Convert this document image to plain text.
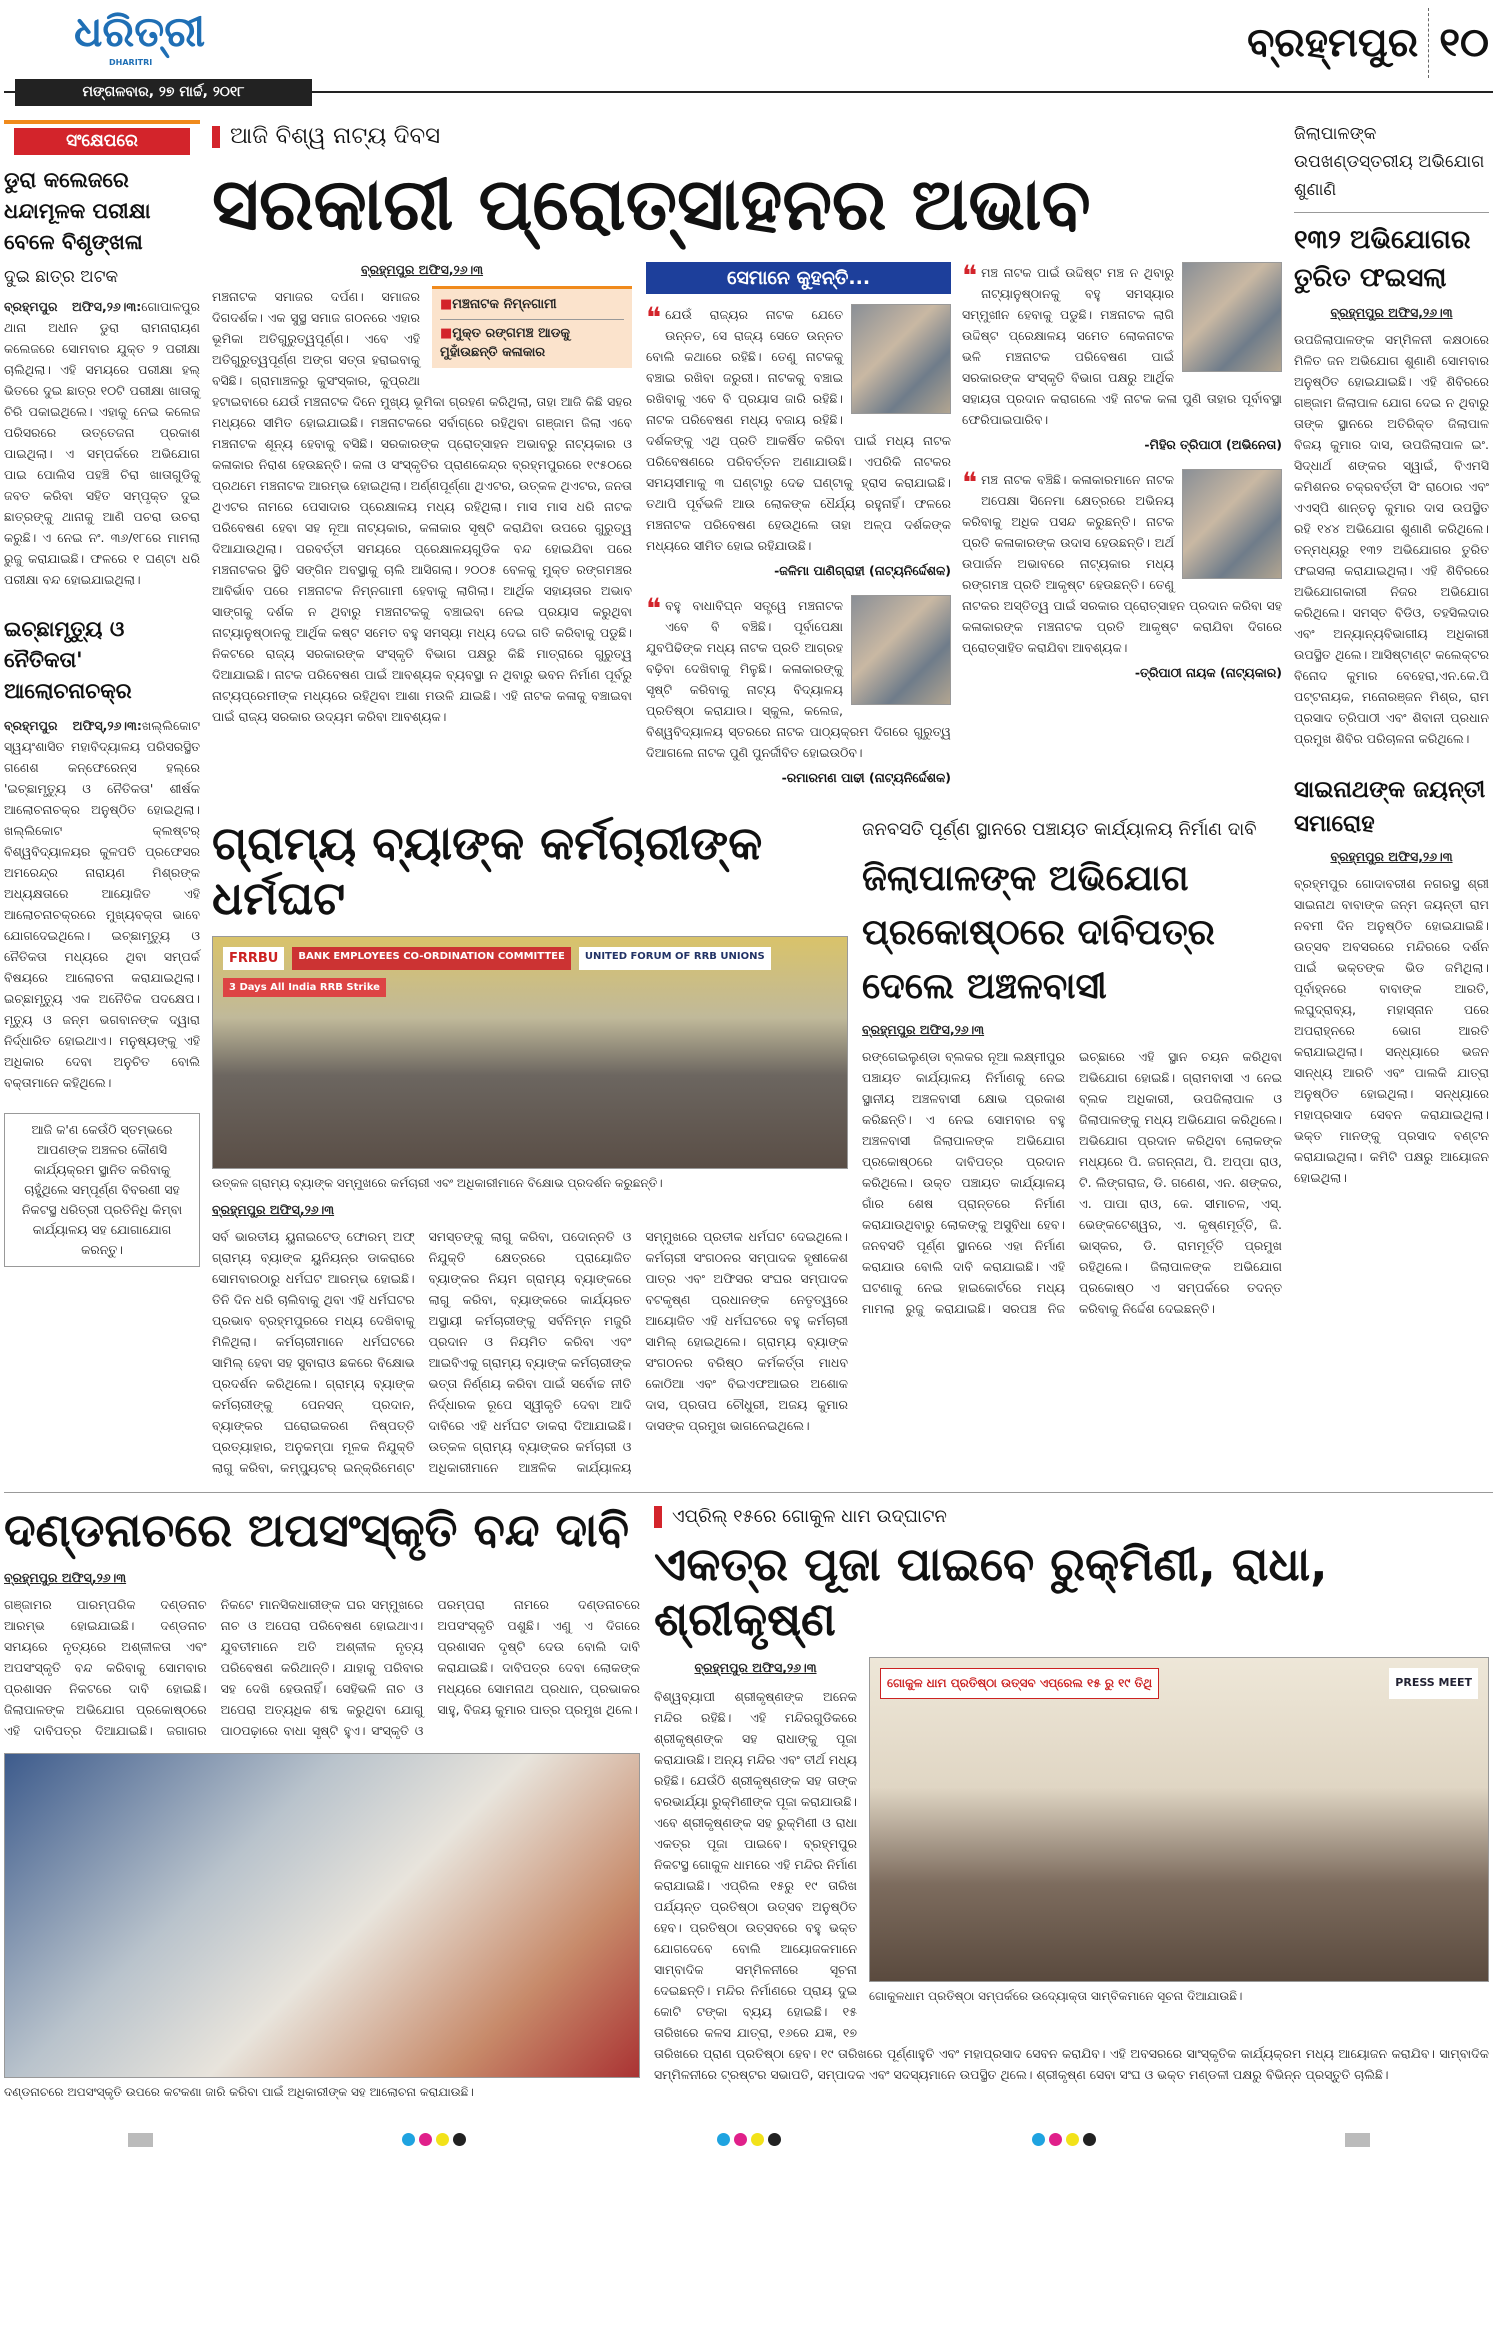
ଧରିତ୍ରୀ
DHARITRI
ମଙ୍ଗଳବାର, ୨୭ ମାର୍ଚ୍ଚ, ୨୦୧୮
ବ୍ରହ୍ମପୁର ୧୦
ସଂକ୍ଷେପରେ
ଡୁରା କଲେଜରେ ଧନ୍ଦାମୂଳକ ପରୀକ୍ଷା ବେଳେ ବିଶୃଙ୍ଖଳା
ଦୁଇ ଛାତ୍ର ଅଟକ
ବ୍ରହ୍ମପୁର ଅଫିସ,୨୬।୩:ଗୋପାଳପୁର ଥାନା ଅଧୀନ ଡୁରା ରାମନାରାୟଣ କଲେଜରେ ସୋମବାର ଯୁକ୍ତ ୨ ପରୀକ୍ଷା ଚାଲିଥିଲା। ଏହି ସମୟରେ ପରୀକ୍ଷା ହଲ୍ ଭିତରେ ଦୁଇ ଛାତ୍ର ୧୦ଟି ପରୀକ୍ଷା ଖାତାକୁ ଚିରି ପକାଇଥିଲେ। ଏହାକୁ ନେଇ କଲେଜ ପରିସରରେ ଉତ୍ତେଜନା ପ୍ରକାଶ ପାଇଥିଲା। ଏ ସମ୍ପର୍କରେ ଅଭିଯୋଗ ପାଇ ପୋଲିସ ପହଞ୍ଚି ଚିରା ଖାତାଗୁଡିକୁ ଜବତ କରିବା ସହିତ ସମ୍ପୃକ୍ତ ଦୁଇ ଛାତ୍ରଙ୍କୁ ଥାନାକୁ ଆଣି ପଚରା ଉଚରା କରୁଛି। ଏ ନେଇ ନଂ. ୩୬/୧୮ରେ ମାମଲା ରୁଜୁ କରାଯାଇଛି। ଫଳରେ ୧ ଘଣ୍ଟା ଧରି ପରୀକ୍ଷା ବନ୍ଦ ହୋଇଯାଇଥିଲା।
ଇଚ୍ଛାମୃତ୍ୟୁ ଓ ନୈତିକତା' ଆଲୋଚନାଚକ୍ର
ବ୍ରହ୍ମପୁର ଅଫିସ୍,୨୬।୩:ଖଲ୍ଲିକୋଟ ସ୍ୱୟଂଶାସିତ ମହାବିଦ୍ୟାଳୟ ପରିସରସ୍ଥିତ ଗଣେଶ କନ୍ଫେରେନ୍ସ ହଲ୍‌ରେ 'ଇଚ୍ଛାମୃତ୍ୟୁ ଓ ନୈତିକତା' ଶୀର୍ଷକ ଆଲୋଚନାଚକ୍ର ଅନୁଷ୍ଠିତ ହୋଇଥିଲା। ଖଲ୍ଲିକୋଟ କ୍ଲଷ୍ଟର୍ ବିଶ୍ୱବିଦ୍ୟାଳୟର କୁଳପତି ପ୍ରଫେସର ଅମରେନ୍ଦ୍ର ନାରାୟଣ ମିଶ୍ରଙ୍କ ଅଧ୍ୟକ୍ଷତାରେ ଆୟୋଜିତ ଏହି ଆଲୋଚନାଚକ୍ରରେ ମୁଖ୍ୟବକ୍ତା ଭାବେ ଯୋଗଦେଇଥିଲେ। ଇଚ୍ଛାମୃତ୍ୟୁ ଓ ନୈତିକତା ମଧ୍ୟରେ ଥିବା ସମ୍ପର୍କ ବିଷୟରେ ଆଲୋଚନା କରାଯାଇଥିଲା। ଇଚ୍ଛାମୃତ୍ୟୁ ଏକ ଅନୈତିକ ପଦକ୍ଷେପ। ମୃତ୍ୟୁ ଓ ଜନ୍ମ ଭଗବାନଙ୍କ ଦ୍ୱାରା ନିର୍ଦ୍ଧାରିତ ହୋଇଥାଏ। ମନୁଷ୍ୟଙ୍କୁ ଏହି ଅଧିକାର ଦେବା ଅନୁଚିତ ବୋଲି ବକ୍ତାମାନେ କହିଥିଲେ।
ଆଜି କ'ଣ କେଉଁଠି ସ୍ତମ୍ଭରେ ଆପଣଙ୍କ ଅଞ୍ଚଳର କୌଣସି କାର୍ଯ୍ୟକ୍ରମ ସ୍ଥାନିତ କରିବାକୁ ଚାହୁଁଥିଲେ ସମ୍ପୂର୍ଣ୍ଣ ବିବରଣୀ ସହ ନିକଟସ୍ଥ ଧରିତ୍ରୀ ପ୍ରତିନିଧି କିମ୍ବା କାର୍ଯ୍ୟାଳୟ ସହ ଯୋଗାଯୋଗ କରନ୍ତୁ।
ଆଜି ବିଶ୍ୱ ନାଟ୍ୟ ଦିବସ
ସରକାରୀ ପ୍ରୋତ୍ସାହନର ଅଭାବ
ବ୍ରହ୍ମପୁର ଅଫିସ,୨୬।୩
■ମଞ୍ଚନାଟକ ନିମ୍ନଗାମୀ
■ମୁକ୍ତ ରଙ୍ଗମଞ୍ଚ ଆଡକୁ ମୁହାଁଉଛନ୍ତି କଳାକାର
ମଞ୍ଚନାଟକ ସମାଜର ଦର୍ପଣ। ସମାଜର ଦିଗଦର୍ଶକ। ଏକ ସୁସ୍ଥ ସମାଜ ଗଠନରେ ଏହାର ଭୂମିକା ଅତିଗୁରୁତ୍ୱପୂର୍ଣ୍ଣ। ଏବେ ଏହି ଅତିଗୁରୁତ୍ୱପୂର୍ଣ୍ଣ ଅଙ୍ଗ ସତ୍ତା ହରାଇବାକୁ ବସିଛି। ଗ୍ରାମାଞ୍ଚଳରୁ କୁସଂସ୍କାର, କୁପ୍ରଥା ହଟାଇବାରେ ଯେଉଁ ମଞ୍ଚନାଟକ ଦିନେ ମୁଖ୍ୟ ଭୂମିକା ଗ୍ରହଣ କରିଥିଲା, ତାହା ଆଜି କିଛି ସହର ମଧ୍ୟରେ ସୀମିତ ହୋଇଯାଇଛି। ମଞ୍ଚନାଟକରେ ସର୍ବାଗ୍ରେ ରହିଥିବା ଗଞ୍ଜାମ ଜିଲା ଏବେ ମଞ୍ଚନାଟକ ଶୂନ୍ୟ ହେବାକୁ ବସିଛି। ସରକାରଙ୍କ ପ୍ରୋତ୍ସାହନ ଅଭାବରୁ ନାଟ୍ୟକାର ଓ କଳାକାର ନିରାଶ ହେଉଛନ୍ତି। କଳା ଓ ସଂସ୍କୃତିର ପ୍ରାଣକେନ୍ଦ୍ର ବ୍ରହ୍ମପୁରରେ ୧୯୫୦ରେ ପ୍ରଥମେ ମଞ୍ଚନାଟକ ଆରମ୍ଭ ହୋଇଥିଲା। ଅର୍ଣ୍ଣପୂର୍ଣ୍ଣା ଥିଏଟର, ଉତ୍କଳ ଥିଏଟର, ଜନତା ଥିଏଟର ନାମରେ ପେସାଦାର ପ୍ରେକ୍ଷାଳୟ ମଧ୍ୟ ରହିଥିଲା। ମାସ ମାସ ଧରି ନାଟକ ପରିବେଷଣ ହେବା ସହ ନୂଆ ନାଟ୍ୟକାର, କଳାକାର ସୃଷ୍ଟି କରାଯିବା ଉପରେ ଗୁରୁତ୍ୱ ଦିଆଯାଉଥିଲା। ପରବର୍ତ୍ତୀ ସମୟରେ ପ୍ରେକ୍ଷାଳୟଗୁଡିକ ବନ୍ଦ ହୋଇଯିବା ପରେ ମଞ୍ଚନାଟକର ସ୍ଥିତି ସଙ୍ଗିନ ଅବସ୍ଥାକୁ ଚାଲି ଆସିଗଲା। ୨୦୦୫ ବେଳକୁ ମୁକ୍ତ ରଙ୍ଗମଞ୍ଚର ଆବିର୍ଭାବ ପରେ ମଞ୍ଚନାଟକ ନିମ୍ନଗାମୀ ହେବାକୁ ଲାଗିଲା। ଆର୍ଥିକ ସହାୟତାର ଅଭାବ ସାଙ୍ଗକୁ ଦର୍ଶକ ନ ଥିବାରୁ ମଞ୍ଚନାଟକକୁ ବଞ୍ଚାଇବା ନେଇ ପ୍ରୟାସ କରୁଥିବା ନାଟ୍ୟାନୁଷ୍ଠାନକୁ ଆର୍ଥିକ କଷ୍ଟ ସମେତ ବହୁ ସମସ୍ୟା ମଧ୍ୟ ଦେଇ ଗତି କରିବାକୁ ପଡୁଛି। ନିକଟରେ ରାଜ୍ୟ ସରକାରଙ୍କ ସଂସ୍କୃତି ବିଭାଗ ପକ୍ଷରୁ କିଛି ମାତ୍ରାରେ ଗୁରୁତ୍ୱ ଦିଆଯାଇଛି। ନାଟକ ପରିବେଷଣ ପାଇଁ ଆବଶ୍ୟକ ବ୍ୟବସ୍ଥା ନ ଥିବାରୁ ଭବନ ନିର୍ମାଣ ପୂର୍ବରୁ ନାଟ୍ୟପ୍ରେମୀଙ୍କ ମଧ୍ୟରେ ରହିଥିବା ଆଶା ମଉଳି ଯାଇଛି। ଏହି ନାଟକ କଳାକୁ ବଞ୍ଚାଇବା ପାଇଁ ରାଜ୍ୟ ସରକାର ଉଦ୍ୟମ କରିବା ଆବଶ୍ୟକ।
ସେମାନେ କୁହନ୍ତି...
❝ ଯେଉଁ ରାଜ୍ୟର ନାଟକ ଯେତେ ଉନ୍ନତ, ସେ ରାଜ୍ୟ ସେତେ ଉନ୍ନତ ବୋଲି କଥାରେ ରହିଛି। ତେଣୁ ନାଟକକୁ ବଞ୍ଚାଇ ରଖିବା ଜରୁରୀ। ନାଟକକୁ ବଞ୍ଚାଇ ରଖିବାକୁ ଏବେ ବି ପ୍ରୟାସ ଜାରି ରହିଛି। ନାଟକ ପରିବେଷଣ ମଧ୍ୟ ବଜାୟ ରହିଛି। ଦର୍ଶକଙ୍କୁ ଏଥି ପ୍ରତି ଆକର୍ଷିତ କରିବା ପାଇଁ ମଧ୍ୟ ନାଟକ ପରିବେଷଣରେ ପରିବର୍ତ୍ତନ ଅଣାଯାଉଛି। ଏପରିକି ନାଟକର ସମୟସୀମାକୁ ୩ ଘଣ୍ଟାରୁ ଦେଢ ଘଣ୍ଟାକୁ ହ୍ରାସ କରାଯାଇଛି। ତଥାପି ପୂର୍ବଭଳି ଆଉ ଲୋକଙ୍କ ଧୈର୍ଯ୍ୟ ରହୁନାହିଁ। ଫଳରେ ମଞ୍ଚନାଟକ ପରିବେଷଣ ହେଉଥିଲେ ତାହା ଅଳ୍ପ ଦର୍ଶକଙ୍କ ମଧ୍ୟରେ ସୀମିତ ହୋଇ ରହିଯାଉଛି।
-ଜଳିମା ପାଣିଗ୍ରାହୀ (ନାଟ୍ୟନିର୍ଦ୍ଦେଶକ)
❝ ବହୁ ବାଧାବିଘ୍ନ ସତ୍ତ୍ୱେ ମଞ୍ଚନାଟକ ଏବେ ବି ବଞ୍ଚିଛି। ପୂର୍ବାପେକ୍ଷା ଯୁବପିଢିଙ୍କ ମଧ୍ୟ ନାଟକ ପ୍ରତି ଆଗ୍ରହ ବଢ଼ିବା ଦେଖିବାକୁ ମିଳୁଛି। କଳାକାରଙ୍କୁ ସୃଷ୍ଟି କରିବାକୁ ନାଟ୍ୟ ବିଦ୍ୟାଳୟ ପ୍ରତିଷ୍ଠା କରାଯାଉ। ସ୍କୁଲ, କଲେଜ, ବିଶ୍ୱବିଦ୍ୟାଳୟ ସ୍ତରରେ ନାଟକ ପାଠ୍ୟକ୍ରମ ଦିଗରେ ଗୁରୁତ୍ୱ ଦିଆଗଲେ ନାଟକ ପୁଣି ପୁନର୍ଜୀବିତ ହୋଇଉଠିବ।
-ରମାରମଣ ପାଢୀ (ନାଟ୍ୟନିର୍ଦ୍ଦେଶକ)
❝ ମଞ୍ଚ ନାଟକ ପାଇଁ ଉଦ୍ଦିଷ୍ଟ ମଞ୍ଚ ନ ଥିବାରୁ ନାଟ୍ୟାନୁଷ୍ଠାନକୁ ବହୁ ସମସ୍ୟାର ସମ୍ମୁଖୀନ ହେବାକୁ ପଡୁଛି। ମଞ୍ଚନାଟକ ଲାଗି ଉଦ୍ଦିଷ୍ଟ ପ୍ରେକ୍ଷାଳୟ ସମେତ ଲୋକନାଟକ ଭଳି ମଞ୍ଚନାଟକ ପରିବେଷଣ ପାଇଁ ସରକାରଙ୍କ ସଂସ୍କୃତି ବିଭାଗ ପକ୍ଷରୁ ଆର୍ଥିକ ସହାୟତା ପ୍ରଦାନ କରାଗଲେ ଏହି ନାଟକ କଳା ପୁଣି ତାହାର ପୂର୍ବାବସ୍ଥା ଫେରିପାଇପାରିବ।
-ମିହିର ତ୍ରିପାଠୀ (ଅଭିନେତା)
❝ ମଞ୍ଚ ନାଟକ ବଞ୍ଚିଛି। କଳାକାରମାନେ ନାଟକ ଅପେକ୍ଷା ସିନେମା କ୍ଷେତ୍ରରେ ଅଭିନୟ କରିବାକୁ ଅଧିକ ପସନ୍ଦ କରୁଛନ୍ତି। ନାଟକ ପ୍ରତି କଳାକାରଙ୍କ ଉଦାସ ହେଉଛନ୍ତି। ଅର୍ଥ ଉପାର୍ଜନ ଅଭାବରେ ନାଟ୍ୟକାର ମଧ୍ୟ ରଙ୍ଗମଞ୍ଚ ପ୍ରତି ଆକୃଷ୍ଟ ହେଉଛନ୍ତି। ତେଣୁ ନାଟକର ଅସ୍ତିତ୍ୱ ପାଇଁ ସରକାର ପ୍ରୋତ୍ସାହନ ପ୍ରଦାନ କରିବା ସହ କଳାକାରଙ୍କ ମଞ୍ଚନାଟକ ପ୍ରତି ଆକୃଷ୍ଟ କରାଯିବା ଦିଗରେ ପ୍ରୋତ୍ସାହିତ କରାଯିବା ଆବଶ୍ୟକ।
-ତ୍ରିପାଠୀ ନାୟକ (ନାଟ୍ୟକାର)
ଗ୍ରାମ୍ୟ ବ୍ୟାଙ୍କ କର୍ମଚାରୀଙ୍କ ଧର୍ମଘଟ
FRRBU	BANK EMPLOYEES CO-ORDINATION COMMITTEE	UNITED FORUM OF RRB UNIONS
3 Days All India RRB Strike
ଉତ୍କଳ ଗ୍ରାମ୍ୟ ବ୍ୟାଙ୍କ ସମ୍ମୁଖରେ କର୍ମଚାରୀ ଏବଂ ଅଧିକାରୀମାନେ ବିକ୍ଷୋଭ ପ୍ରଦର୍ଶନ କରୁଛନ୍ତି।
ବ୍ରହ୍ମପୁର ଅଫିସ୍,୨୬।୩
ସର୍ବ ଭାରତୀୟ ୟୁନାଇଟେଡ୍ ଫୋରମ୍ ଅଫ୍ ଗ୍ରାମ୍ୟ ବ୍ୟାଙ୍କ ୟୁନିୟନ୍‌ର ଡାକରାରେ ସୋମବାରଠାରୁ ଧର୍ମଘଟ ଆରମ୍ଭ ହୋଇଛି। ତିନି ଦିନ ଧରି ଚାଲିବାକୁ ଥିବା ଏହି ଧର୍ମଘଟର ପ୍ରଭାବ ବ୍ରହ୍ମପୁରରେ ମଧ୍ୟ ଦେଖିବାକୁ ମିଳିଥିଲା। କର୍ମଚାରୀମାନେ ଧର୍ମଘଟରେ ସାମିଲ୍ ହେବା ସହ ସୁବାରାଓ ଛକରେ ବିକ୍ଷୋଭ ପ୍ରଦର୍ଶନ କରିଥିଲେ। ଗ୍ରାମ୍ୟ ବ୍ୟାଙ୍କ କର୍ମଚାରୀଙ୍କୁ ପେନସନ୍ ପ୍ରଦାନ, ବ୍ୟାଙ୍କର ଘରୋଇକରଣ ନିଷ୍ପତ୍ତି ପ୍ରତ୍ୟାହାର, ଅନୁକମ୍ପା ମୂଳକ ନିଯୁକ୍ତି ଲାଗୁ କରିବା, କମ୍ପ୍ୟୁଟର୍ ଇନ୍‌କ୍ରିମେଣ୍ଟ ସମସ୍ତଙ୍କୁ ଲାଗୁ କରିବା, ପଦୋନ୍ନତି ଓ ନିଯୁକ୍ତି କ୍ଷେତ୍ରରେ ପ୍ରାୟୋଜିତ ବ୍ୟାଙ୍କର ନିୟମ ଗ୍ରାମ୍ୟ ବ୍ୟାଙ୍କରେ ଲାଗୁ କରିବା, ବ୍ୟାଙ୍କରେ କାର୍ଯ୍ୟରତ ଅସ୍ଥାୟୀ କର୍ମଚାରୀଙ୍କୁ ସର୍ବନିମ୍ନ ମଜୁରି ପ୍ରଦାନ ଓ ନିୟମିତ କରିବା ଏବଂ ଆଇବିଏକୁ ଗ୍ରାମ୍ୟ ବ୍ୟାଙ୍କ କର୍ମଚାରୀଙ୍କ ଭତ୍ତା ନିର୍ଣ୍ଣୟ କରିବା ପାଇଁ ସର୍ବୋଚ୍ଚ ନୀତି ନିର୍ଦ୍ଧାରକ ରୂପେ ସ୍ୱୀକୃତି ଦେବା ଆଦି ଦାବିରେ ଏହି ଧର୍ମଘଟ ଡାକରା ଦିଆଯାଇଛି। ଉତ୍କଳ ଗ୍ରାମ୍ୟ ବ୍ୟାଙ୍କର କର୍ମଚାରୀ ଓ ଅଧିକାରୀମାନେ ଆଞ୍ଚଳିକ କାର୍ଯ୍ୟାଳୟ ସମ୍ମୁଖରେ ପ୍ରତୀକ ଧର୍ମଘଟ ଦେଇଥିଲେ। କର୍ମଚାରୀ ସଂଗଠନର ସମ୍ପାଦକ ହୃଷୀକେଶ ପାତ୍ର ଏବଂ ଅଫିସର ସଂଘର ସମ୍ପାଦକ ବଟକୃଷ୍ଣ ପ୍ରଧାନଙ୍କ ନେତୃତ୍ୱରେ ଆୟୋଜିତ ଏହି ଧର୍ମଘଟରେ ବହୁ କର୍ମଚାରୀ ସାମିଲ୍ ହୋଇଥିଲେ। ଗ୍ରାମ୍ୟ ବ୍ୟାଙ୍କ ସଂଗଠନର ବରିଷ୍ଠ କର୍ମକର୍ତ୍ତା ମାଧବ କୋଠିଆ ଏବଂ ବିଇଏଫଆଇର ଅଶୋକ ଦାସ, ପ୍ରତାପ ଚୌଧୁରୀ, ଅଜୟ କୁମାର ଦାସଙ୍କ ପ୍ରମୁଖ ଭାଗନେଇଥିଲେ।
ଜନବସତି ପୂର୍ଣ୍ଣ ସ୍ଥାନରେ ପଞ୍ଚାୟତ କାର୍ଯ୍ୟାଳୟ ନିର୍ମାଣ ଦାବି
ଜିଲାପାଳଙ୍କ ଅଭିଯୋଗ ପ୍ରକୋଷ୍ଠରେ ଦାବିପତ୍ର ଦେଲେ ଅଞ୍ଚଳବାସୀ
ବ୍ରହ୍ମପୁର ଅଫିସ,୨୬।୩
ରଙ୍ଗେଇଲୁଣ୍ଡା ବ୍ଲକର ନୂଆ ଲକ୍ଷ୍ମୀପୁର ପଞ୍ଚାୟତ କାର୍ଯ୍ୟାଳୟ ନିର୍ମାଣକୁ ନେଇ ସ୍ଥାନୀୟ ଅଞ୍ଚଳବାସୀ କ୍ଷୋଭ ପ୍ରକାଶ କରିଛନ୍ତି। ଏ ନେଇ ସୋମବାର ବହୁ ଅଞ୍ଚଳବାସୀ ଜିଲାପାଳଙ୍କ ଅଭିଯୋଗ ପ୍ରକୋଷ୍ଠରେ ଦାବିପତ୍ର ପ୍ରଦାନ କରିଥିଲେ। ଉକ୍ତ ପଞ୍ଚାୟତ କାର୍ଯ୍ୟାଳୟ ଗାଁର ଶେଷ ପ୍ରାନ୍ତରେ ନିର୍ମାଣ କରାଯାଉଥିବାରୁ ଲୋକଙ୍କୁ ଅସୁବିଧା ହେବ। ଜନବସତି ପୂର୍ଣ୍ଣ ସ୍ଥାନରେ ଏହା ନିର୍ମାଣ କରାଯାଉ ବୋଲି ଦାବି କରାଯାଇଛି। ଏହି ଘଟଣାକୁ ନେଇ ହାଇକୋର୍ଟରେ ମଧ୍ୟ ମାମଲା ରୁଜୁ କରାଯାଇଛି। ସରପଞ୍ଚ ନିଜ ଇଚ୍ଛାରେ ଏହି ସ୍ଥାନ ଚୟନ କରିଥିବା ଅଭିଯୋଗ ହୋଇଛି। ଗ୍ରାମବାସୀ ଏ ନେଇ ବ୍ଲକ ଅଧିକାରୀ, ଉପଜିଲାପାଳ ଓ ଜିଲାପାଳଙ୍କୁ ମଧ୍ୟ ଅଭିଯୋଗ କରିଥିଲେ। ଅଭିଯୋଗ ପ୍ରଦାନ କରିଥିବା ଲୋକଙ୍କ ମଧ୍ୟରେ ପି. ଜଗନ୍ନାଥ, ପି. ଅପ୍ପା ରାଓ, ଟି. ଲିଙ୍ଗରାଜ, ଡି. ଗଣେଶ, ଏନ. ଶଙ୍କର, ଏ. ପାପା ରାଓ, କେ. ସୀମାଚଳ, ଏସ୍. ଭେଙ୍କଟେଶ୍ୱର, ଏ. କୃଷ୍ଣମୂର୍ତ୍ତି, ଜି. ଭାସ୍କର, ଡି. ରାମମୂର୍ତ୍ତି ପ୍ରମୁଖ ରହିଥିଲେ। ଜିଲାପାଳଙ୍କ ଅଭିଯୋଗ ପ୍ରକୋଷ୍ଠ ଏ ସମ୍ପର୍କରେ ତଦନ୍ତ କରିବାକୁ ନିର୍ଦ୍ଦେଶ ଦେଇଛନ୍ତି।
ଜିଲାପାଳଙ୍କ ଉପଖଣ୍ଡସ୍ତରୀୟ ଅଭିଯୋଗ ଶୁଣାଣି
୧୩୨ ଅଭିଯୋଗର ତୁରିତ ଫଇସଲା
ବ୍ରହ୍ମପୁର ଅଫିସ,୨୬।୩
ଉପଜିଲାପାଳଙ୍କ ସମ୍ମିଳନୀ କକ୍ଷଠାରେ ମିଳିତ ଜନ ଅଭିଯୋଗ ଶୁଣାଣି ସୋମବାର ଅନୁଷ୍ଠିତ ହୋଇଯାଇଛି। ଏହି ଶିବିରରେ ଗଞ୍ଜାମ ଜିଲାପାଳ ଯୋଗ ଦେଇ ନ ଥିବାରୁ ତାଙ୍କ ସ୍ଥାନରେ ଅତିରିକ୍ତ ଜିଲାପାଳ ବିଜୟ କୁମାର ଦାସ, ଉପଜିଲାପାଳ ଇଂ. ସିଦ୍ଧାର୍ଥ ଶଙ୍କର ସ୍ୱାଇଁ, ବିଏମସି କମିଶନର ଚକ୍ରବର୍ତ୍ତୀ ସିଂ ରାଠୋର ଏବଂ ଏଏସ୍‌ପି ଶାନ୍ତନୁ କୁମାର ଦାସ ଉପସ୍ଥିତ ରହି ୧୪୪ ଅଭିଯୋଗ ଶୁଣାଣି କରିଥିଲେ। ତନ୍ମଧ୍ୟରୁ ୧୩୨ ଅଭିଯୋଗର ତୁରିତ ଫଇସଲା କରାଯାଇଥିଲା। ଏହି ଶିବିରରେ ଅଭିଯୋଗକାରୀ ନିଜର ଅଭିଯୋଗ କରିଥିଲେ। ସମସ୍ତ ବିଡିଓ, ତହସିଲଦାର ଏବଂ ଅନ୍ୟାନ୍ୟବିଭାଗୀୟ ଅଧିକାରୀ ଉପସ୍ଥିତ ଥିଲେ। ଆସିଷ୍ଟାଣ୍ଟ କଲେକ୍ଟର ବିନୋଦ କୁମାର ବେହେରା,ଏନ.କେ.ପି ପଟ୍ଟନାୟକ, ମନୋରଞ୍ଜନ ମିଶ୍ର, ରାମ ପ୍ରସାଦ ତ୍ରିପାଠୀ ଏବଂ ଶିବାନୀ ପ୍ରଧାନ ପ୍ରମୁଖ ଶିବିର ପରିଚାଳନା କରିଥିଲେ।
ସାଇନାଥଙ୍କ ଜୟନ୍ତୀ ସମାରୋହ
ବ୍ରହ୍ମପୁର ଅଫିସ,୨୬।୩
ବ୍ରହ୍ମପୁର ଗୋଦାବରୀଶ ନଗରସ୍ଥ ଶ୍ରୀ ସାଇନାଥ ବାବାଙ୍କ ଜନ୍ମ ଜୟନ୍ତୀ ରାମ ନବମୀ ଦିନ ଅନୁଷ୍ଠିତ ହୋଇଯାଇଛି। ଉତ୍ସବ ଅବସରରେ ମନ୍ଦିରରେ ଦର୍ଶନ ପାଇଁ ଭକ୍ତଙ୍କ ଭିଡ ଜମିଥିଲା। ପୂର୍ବାହ୍ନରେ ବାବାଙ୍କ ଆରତି, ଲଘୁଦ୍ରାବ୍ୟ, ମହାସ୍ନାନ ପରେ ଅପରାହ୍ନରେ ଭୋଗ ଆରତି କରାଯାଇଥିଲା। ସନ୍ଧ୍ୟାରେ ଭଜନ ସାନ୍ଧ୍ୟ ଆରତି ଏବଂ ପାଲକି ଯାତ୍ରା ଅନୁଷ୍ଠିତ ହୋଇଥିଲା। ସନ୍ଧ୍ୟାରେ ମହାପ୍ରସାଦ ସେବନ କରାଯାଇଥିଲା। ଭକ୍ତ ମାନଙ୍କୁ ପ୍ରସାଦ ବଣ୍ଟନ କରାଯାଇଥିଲା। କମିଟି ପକ୍ଷରୁ ଆୟୋଜନ ହୋଇଥିଲା।
ଦଣ୍ଡନାଚରେ ଅପସଂସ୍କୃତି ବନ୍ଦ ଦାବି
ବ୍ରହ୍ମପୁର ଅଫିସ୍,୨୬।୩
ଗଞ୍ଜାମର ପାରମ୍ପରିକ ଦଣ୍ଡନାଚ ଆରମ୍ଭ ହୋଇଯାଇଛି। ଦଣ୍ଡନାଚ ସମୟରେ ନୃତ୍ୟରେ ଅଶ୍ଳୀଳତା ଏବଂ ଅପସଂସ୍କୃତି ବନ୍ଦ କରିବାକୁ ସୋମବାର ପ୍ରଶାସନ ନିକଟରେ ଦାବି ହୋଇଛି। ଜିଲାପାଳଙ୍କ ଅଭିଯୋଗ ପ୍ରକୋଷ୍ଠରେ ଏହି ଦାବିପତ୍ର ଦିଆଯାଇଛି। ଜଗାଗର ନିକଟେ ମାନସିକଧାରୀଙ୍କ ଘର ସମ୍ମୁଖରେ ନାଚ ଓ ଅପେରା ପରିବେଷଣ ହୋଇଥାଏ। ଯୁବତୀମାନେ ଅତି ଅଶ୍ଳୀଳ ନୃତ୍ୟ ପରିବେଷଣ କରିଥାନ୍ତି। ଯାହାକୁ ପରିବାର ସହ ଦେଖି ହେଉନାହିଁ। ସେହିଭଳି ନାଚ ଓ ଅପେରା ଅତ୍ୟଧିକ ଶବ୍ଦ କରୁଥିବା ଯୋଗୁ ପାଠପଢ଼ାରେ ବାଧା ସୃଷ୍ଟି ହୁଏ। ସଂସ୍କୃତି ଓ ପରମ୍ପରା ନାମରେ ଦଣ୍ଡନାଚରେ ଅପସଂସ୍କୃତି ପଶୁଛି। ଏଣୁ ଏ ଦିଗରେ ପ୍ରଶାସନ ଦୃଷ୍ଟି ଦେଉ ବୋଲି ଦାବି କରାଯାଇଛି। ଦାବିପତ୍ର ଦେବା ଲୋକଙ୍କ ମଧ୍ୟରେ ସୋମନାଥ ପ୍ରଧାନ, ପ୍ରଭାକର ସାହୁ, ବିଜୟ କୁମାର ପାତ୍ର ପ୍ରମୁଖ ଥିଲେ।
ଦଣ୍ଡନାଚରେ ଅପସଂସ୍କୃତି ଉପରେ କଟକଣା ଜାରି କରିବା ପାଇଁ ଅଧିକାରୀଙ୍କ ସହ ଆଲୋଚନା କରାଯାଉଛି।
ଏପ୍ରିଲ୍ ୧୫ରେ ଗୋକୁଳ ଧାମ ଉଦ୍‌ଘାଟନ
ଏକତ୍ର ପୂଜା ପାଇବେ ରୁକ୍ମିଣୀ, ରାଧା, ଶ୍ରୀକୃଷ୍ଣ
ଗୋକୁଳ ଧାମ ପ୍ରତିଷ୍ଠା ଉତ୍ସବ ଏପ୍ରେଲ ୧୫ ରୁ ୧୯ ତିଥି	PRESS MEET
ଗୋକୁଳଧାମ ପ୍ରତିଷ୍ଠା ସମ୍ପର୍କରେ ଉଦ୍ୟୋକ୍ତା ସାମ୍ବିକମାନେ ସୂଚନା ଦିଆଯାଉଛି।
ବ୍ରହ୍ମପୁର ଅଫିସ,୨୬।୩
ବିଶ୍ୱବ୍ୟାପୀ ଶ୍ରୀକୃଷ୍ଣଙ୍କ ଅନେକ ମନ୍ଦିର ରହିଛି। ଏହି ମନ୍ଦିରଗୁଡିକରେ ଶ୍ରୀକୃଷ୍ଣଙ୍କ ସହ ରାଧାଙ୍କୁ ପୂଜା କରାଯାଉଛି। ଅନ୍ୟ ମନ୍ଦିର ଏବଂ ତୀର୍ଥ ମଧ୍ୟ ରହିଛି। ଯେଉଁଠି ଶ୍ରୀକୃଷ୍ଣଙ୍କ ସହ ତାଙ୍କ ବରଭାର୍ଯ୍ୟା ରୁକ୍ମିଣୀଙ୍କ ପୂଜା କରାଯାଉଛି। ଏବେ ଶ୍ରୀକୃଷ୍ଣଙ୍କ ସହ ରୁକ୍ମିଣୀ ଓ ରାଧା ଏକତ୍ର ପୂଜା ପାଇବେ। ବ୍ରହ୍ମପୁର ନିକଟସ୍ଥ ଗୋକୁଳ ଧାମରେ ଏହି ମନ୍ଦିର ନିର୍ମାଣ କରାଯାଇଛି। ଏପ୍ରିଲ ୧୫ରୁ ୧୯ ତାରିଖ ପର୍ଯ୍ୟନ୍ତ ପ୍ରତିଷ୍ଠା ଉତ୍ସବ ଅନୁଷ୍ଠିତ ହେବ। ପ୍ରତିଷ୍ଠା ଉତ୍ସବରେ ବହୁ ଭକ୍ତ ଯୋଗଦେବେ ବୋଲି ଆୟୋଜକମାନେ ସାମ୍ବାଦିକ ସମ୍ମିଳନୀରେ ସୂଚନା ଦେଇଛନ୍ତି। ମନ୍ଦିର ନିର୍ମାଣରେ ପ୍ରାୟ ଦୁଇ କୋଟି ଟଙ୍କା ବ୍ୟୟ ହୋଇଛି। ୧୫ ତାରିଖରେ କଳସ ଯାତ୍ରା, ୧୬ରେ ଯଜ୍ଞ, ୧୭ ତାରିଖରେ ପ୍ରାଣ ପ୍ରତିଷ୍ଠା ହେବ। ୧୯ ତାରିଖରେ ପୂର୍ଣ୍ଣାହୁତି ଏବଂ ମହାପ୍ରସାଦ ସେବନ କରାଯିବ। ଏହି ଅବସରରେ ସାଂସ୍କୃତିକ କାର୍ଯ୍ୟକ୍ରମ ମଧ୍ୟ ଆୟୋଜନ କରାଯିବ। ସାମ୍ବାଦିକ ସମ୍ମିଳନୀରେ ଟ୍ରଷ୍ଟର ସଭାପତି, ସମ୍ପାଦକ ଏବଂ ସଦସ୍ୟମାନେ ଉପସ୍ଥିତ ଥିଲେ। ଶ୍ରୀକୃଷ୍ଣ ସେବା ସଂଘ ଓ ଭକ୍ତ ମଣ୍ଡଳୀ ପକ୍ଷରୁ ବିଭିନ୍ନ ପ୍ରସ୍ତୁତି ଚାଲିଛି।
